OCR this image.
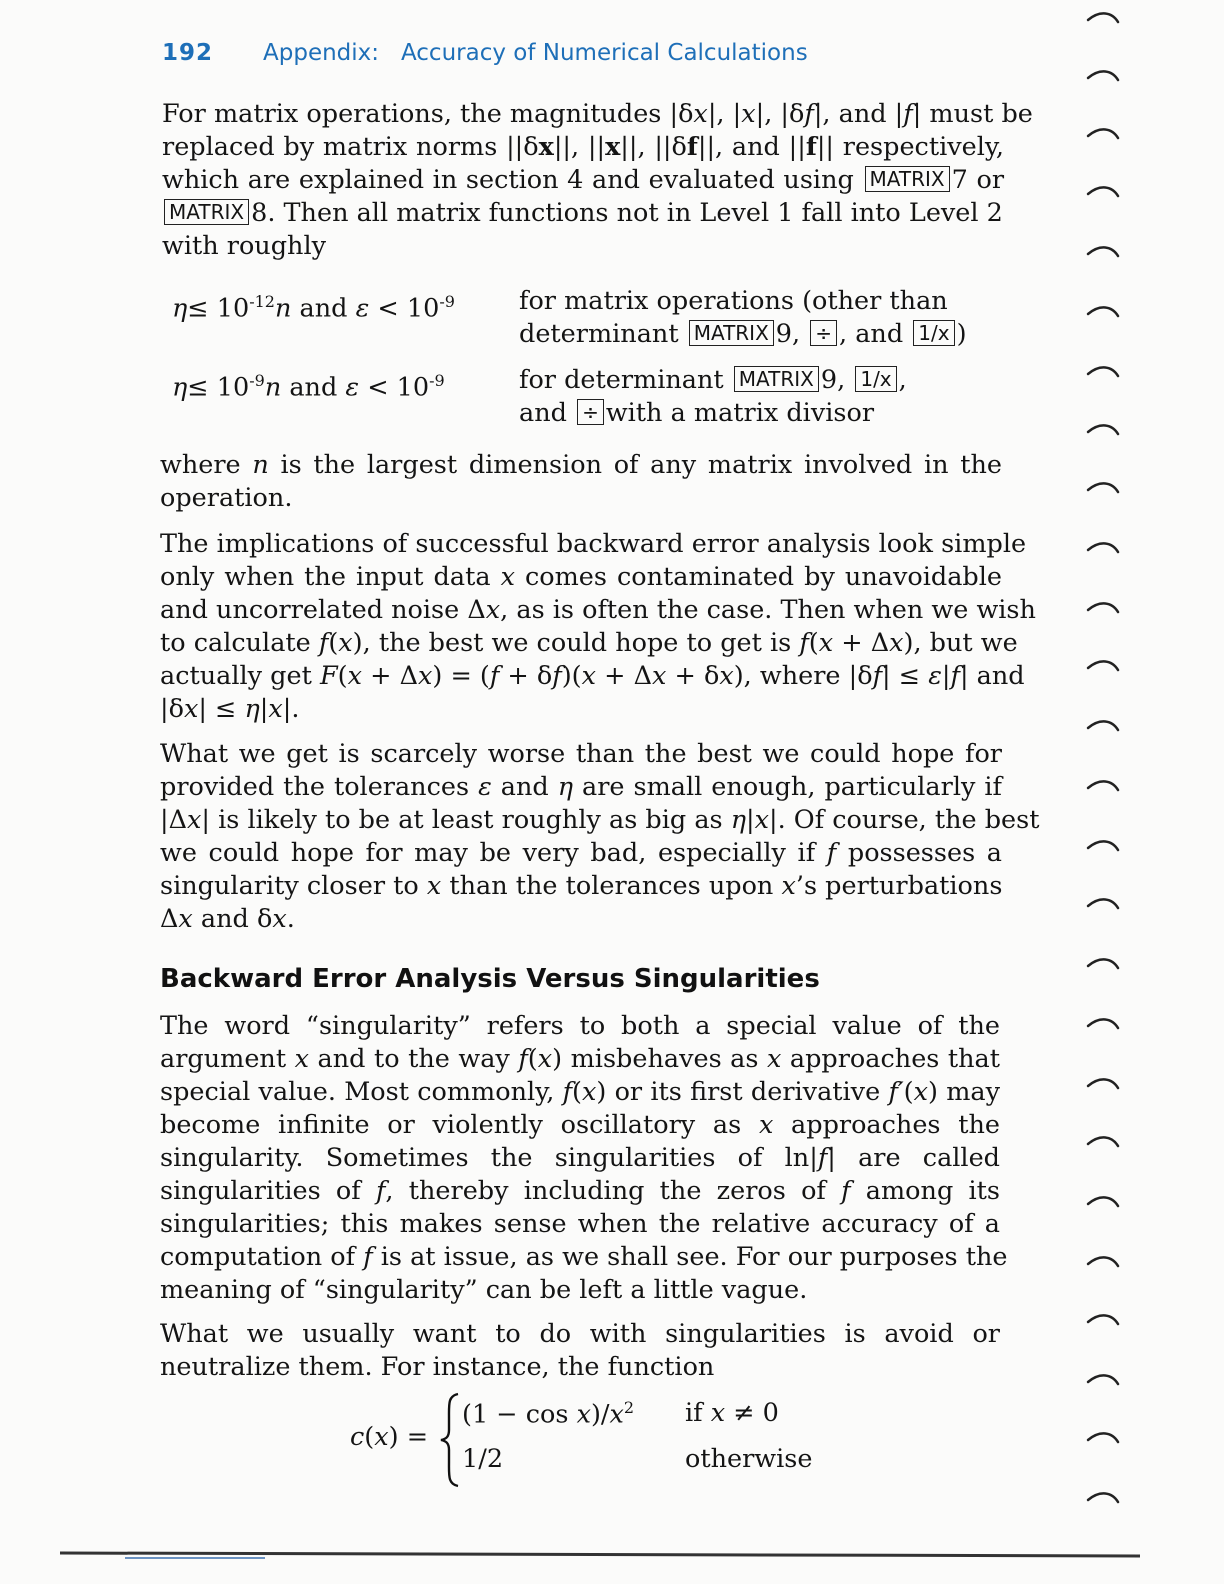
192 Appendix:   Accuracy of Numerical Calculations
For matrix operations, the magnitudes |δx|, |x|, |δf|, and |f| must be
replaced by matrix norms ||δx||, ||x||, ||δf||, and ||f|| respectively,
which are explained in section 4 and evaluated using MATRIX 7 or
MATRIX 8. Then all matrix functions not in Level 1 fall into Level 2
with roughly
$\eta\le 10^{-12}n$ and $\varepsilon < 10^{-9}$	for matrix operations (other than
determinant MATRIX 9, ÷ , and 1/x )
$\eta\le 10^{-9}n$ and $\varepsilon < 10^{-9}$	for determinant MATRIX 9, 1/x ,
and ÷ with a matrix divisor
where n is the largest dimension of any matrix involved in the
operation.
The implications of successful backward error analysis look simple
only when the input data x comes contaminated by unavoidable
and uncorrelated noise Δx, as is often the case. Then when we wish
to calculate f(x), the best we could hope to get is f(x + Δx), but we
actually get F(x + Δx) = (f + δf)(x + Δx + δx), where |δf| ≤ ε|f| and
|δx| ≤ η|x|.
What we get is scarcely worse than the best we could hope for
provided the tolerances ε and η are small enough, particularly if
|Δx| is likely to be at least roughly as big as η|x|. Of course, the best
we could hope for may be very bad, especially if f possesses a
singularity closer to x than the tolerances upon x’s perturbations
Δx and δx.
Backward Error Analysis Versus Singularities
The word “singularity” refers to both a special value of the
argument x and to the way f(x) misbehaves as x approaches that
special value. Most commonly, f(x) or its first derivative f′(x) may
become infinite or violently oscillatory as x approaches the
singularity. Sometimes the singularities of ln|f| are called
singularities of f, thereby including the zeros of f among its
singularities; this makes sense when the relative accuracy of a
computation of f is at issue, as we shall see. For our purposes the
meaning of “singularity” can be left a little vague.
What we usually want to do with singularities is avoid or
neutralize them. For instance, the function
c(x) =
$(1 - \cos x)/x^2$ if x ≠ 0
1/2	otherwise
